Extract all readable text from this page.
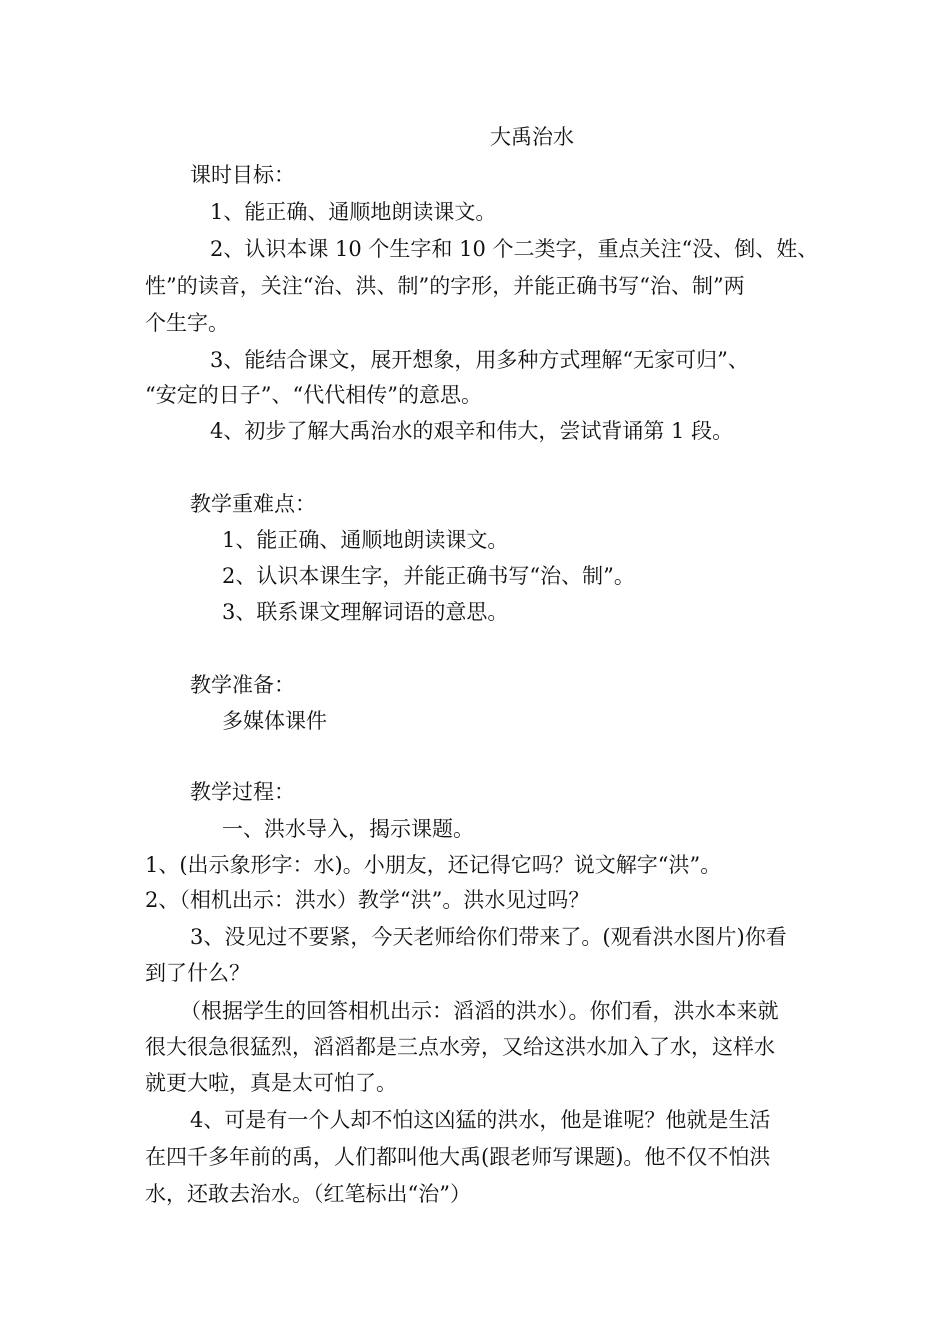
大禹治水
课时目标：
1、能正确、通顺地朗读课文。
2、认识本课 10 个生字和 10 个二类字，重点关注“没、倒、姓、
性”的读音，关注“治、洪、制”的字形，并能正确书写“治、制”两
个生字。
3、能结合课文，展开想象，用多种方式理解“无家可归”、
“安定的日子”、“代代相传”的意思。
4、初步了解大禹治水的艰辛和伟大，尝试背诵第 1 段。
教学重难点：
1、能正确、通顺地朗读课文。
2、认识本课生字，并能正确书写“治、制”。
3、联系课文理解词语的意思。
教学准备：
多媒体课件
教学过程：
一、洪水导入，揭示课题。
1、(出示象形字：水)。小朋友，还记得它吗？说文解字“洪”。
2、（相机出示：洪水）教学“洪”。洪水见过吗？
3、没见过不要紧，今天老师给你们带来了。(观看洪水图片)你看
到了什么？
（根据学生的回答相机出示：滔滔的洪水）。你们看，洪水本来就
很大很急很猛烈，滔滔都是三点水旁，又给这洪水加入了水，这样水
就更大啦，真是太可怕了。
4、可是有一个人却不怕这凶猛的洪水，他是谁呢？他就是生活
在四千多年前的禹，人们都叫他大禹(跟老师写课题)。他不仅不怕洪
水，还敢去治水。（红笔标出“治”）
